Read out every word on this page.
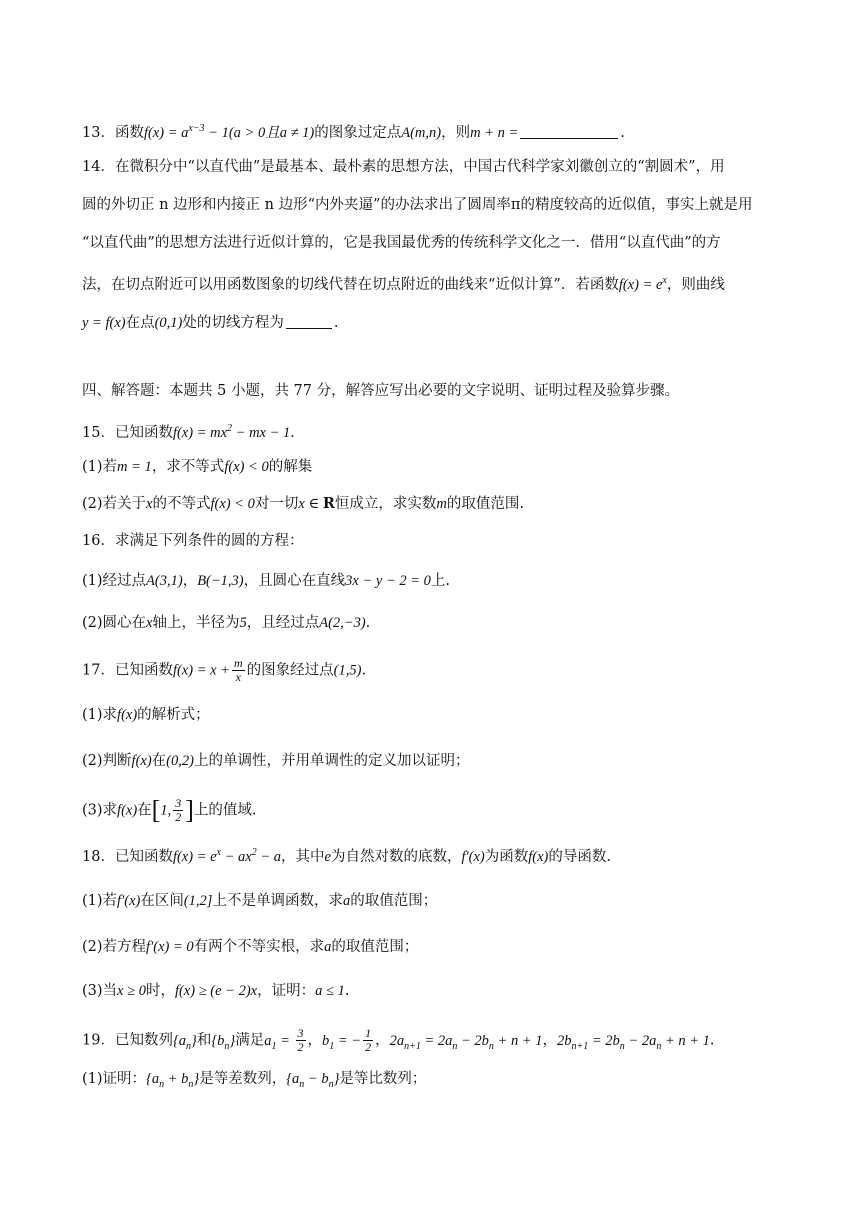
13．函数$f(x) = a^{x-3} - 1(a > 0$且a ≠ 1)的图象过定点A(m,n)，则m + n =	.
14．在微积分中“以直代曲”是最基本、最朴素的思想方法，中国古代科学家刘徽创立的“割圆术”，用
圆的外切正 n 边形和内接正 n 边形“内外夹逼”的办法求出了圆周率π的精度较高的近似值，事实上就是用
“以直代曲”的思想方法进行近似计算的，它是我国最优秀的传统科学文化之一．借用“以直代曲”的方
法，在切点附近可以用函数图象的切线代替在切点附近的曲线来“近似计算”．若函数$f(x) = e^x$，则曲线
y = f(x)在点(0,1)处的切线方程为	.
四、解答题：本题共 5 小题，共 77 分，解答应写出必要的文字说明、证明过程及验算步骤。
15．已知函数$f(x) = mx^2$ − mx − 1．
(1)若m = 1，求不等式f(x) < 0的解集
(2)若关于x的不等式f(x) < 0对一切x ∈ R恒成立，求实数m的取值范围.
16．求满足下列条件的圆的方程：
(1)经过点A(3,1)，B(−1,3)，且圆心在直线3x − y − 2 = 0上.
(2)圆心在x轴上，半径为5，且经过点A(2,−3).
17．已知函数$f(x) = x + \frac{m}{x}$ 的图象经过点(1,5).
(1)求f(x)的解析式；
(2)判断f(x)在(0,2)上的单调性，并用单调性的定义加以证明；
(3)求f(x)在[1, $\frac{3}{2}$ ]上的值域.
18．已知函数$f(x) = e^x - ax^2 - a$，其中e为自然对数的底数，f′(x)为函数f(x)的导函数.
(1)若f′(x)在区间(1,2]上不是单调函数，求a的取值范围；
(2)若方程f′(x) = 0有两个不等实根，求a的取值范围；
(3)当x ≥ 0时，f(x) ≥ (e − 2)x，证明：a ≤ 1.
19．已知数列$\{a_n\}$和$\{b_n\}$满足$a_1 = \frac{3}{2}$ ，$b_1$ = − $\frac{1}{2}$ ，$2a_{n+1} = 2a_n - 2b_n + n + 1$，$2b_{n+1} = 2b_n - 2a_n + n + 1$.
(1)证明：$\{a_n + b_n\}$是等差数列，$\{a_n - b_n\}$是等比数列；
